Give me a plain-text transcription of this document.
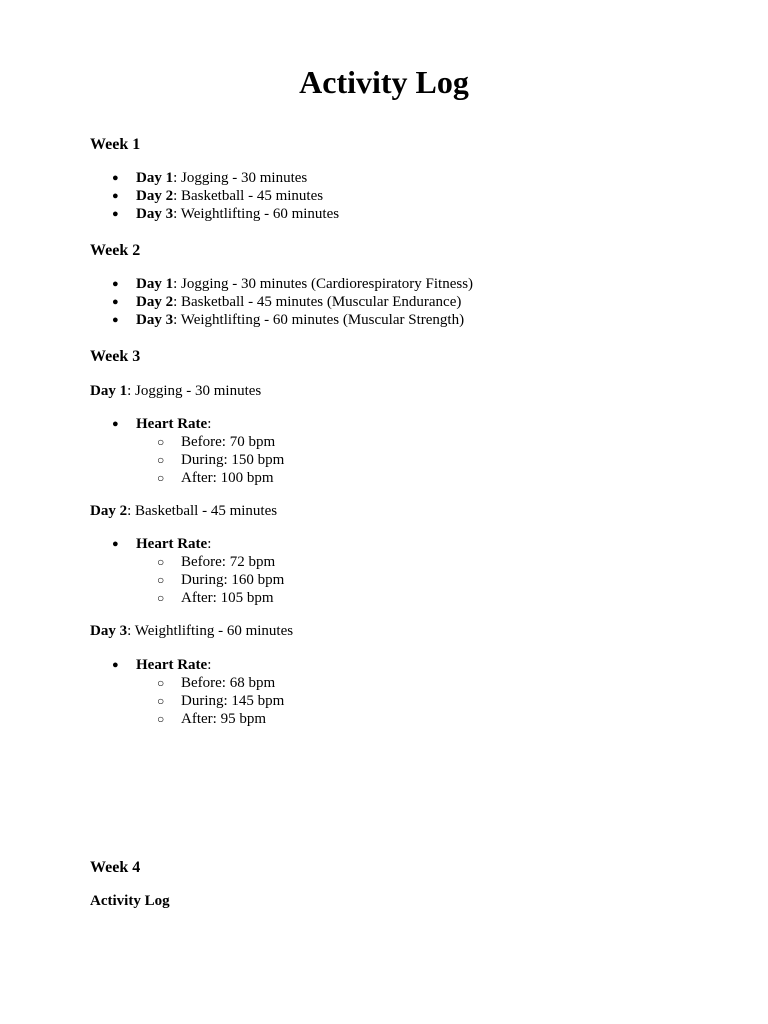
Activity Log
Week 1
● Day 1: Jogging - 30 minutes
● Day 2: Basketball - 45 minutes
● Day 3: Weightlifting - 60 minutes
Week 2
● Day 1: Jogging - 30 minutes (Cardiorespiratory Fitness)
● Day 2: Basketball - 45 minutes (Muscular Endurance)
● Day 3: Weightlifting - 60 minutes (Muscular Strength)
Week 3

Day 1: Jogging - 30 minutes

● Heart Rate:
○ Before: 70 bpm
○ During: 150 bpm
○ After: 100 bpm

Day 2: Basketball - 45 minutes

● Heart Rate:
○ Before: 72 bpm
○ During: 160 bpm
○ After: 105 bpm

Day 3: Weightlifting - 60 minutes

● Heart Rate:
○ Before: 68 bpm
○ During: 145 bpm
○ After: 95 bpm
Week 4

Activity Log
